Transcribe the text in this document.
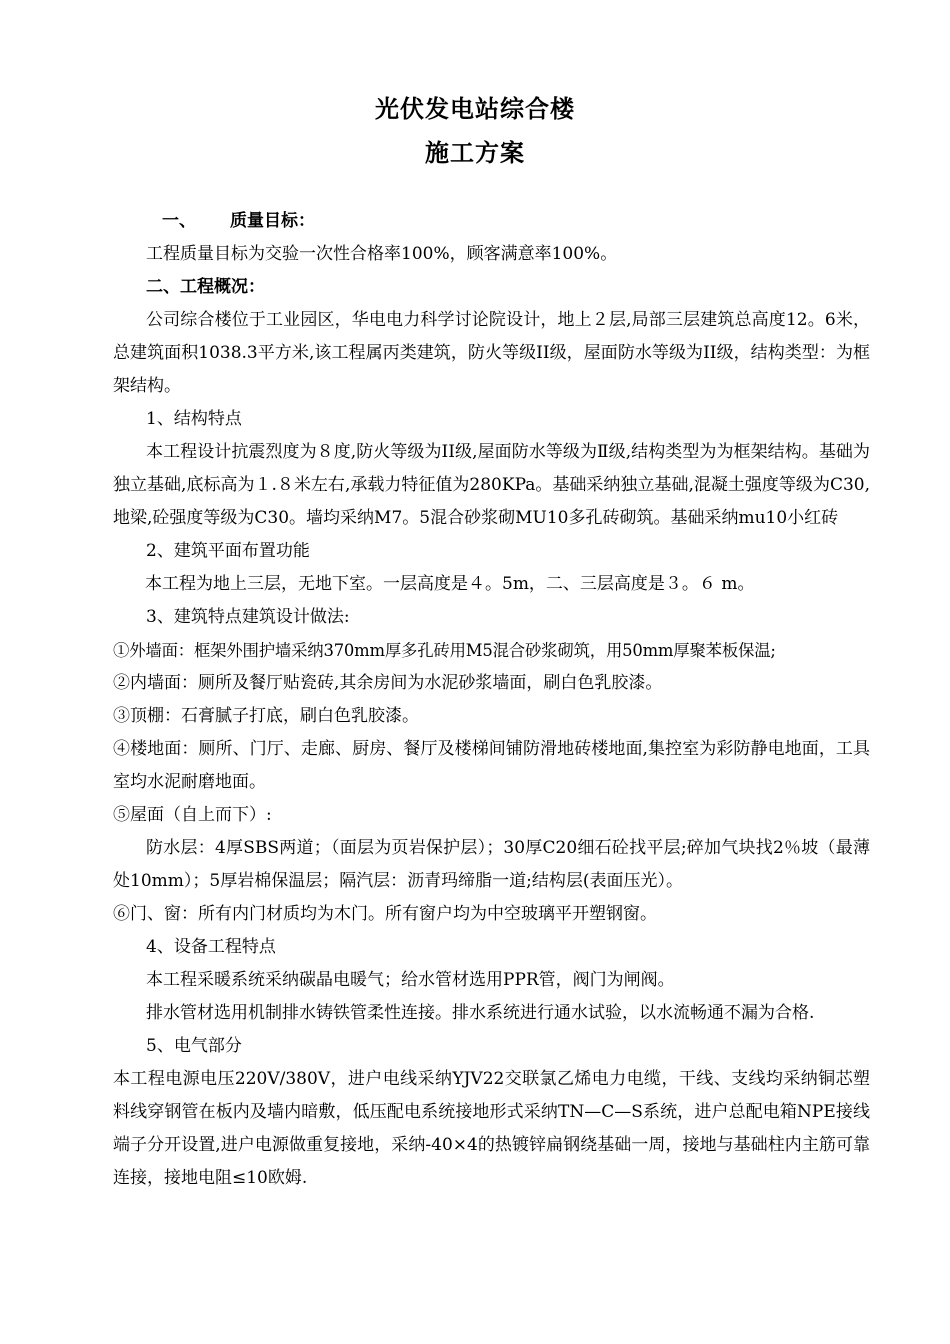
光伏发电站综合楼
施工方案

一、 质量目标：

工程质量目标为交验一次性合格率100%，顾客满意率100%。

二、工程概况：

公司综合楼位于工业园区，华电电力科学讨论院设计，地上２层,局部三层建筑总高度12。6米，总建筑面积1038.3平方米,该工程属丙类建筑，防火等级II级，屋面防水等级为II级，结构类型：为框架结构。

1、结构特点

本工程设计抗震烈度为８度,防火等级为II级,屋面防水等级为Ⅱ级,结构类型为为框架结构。基础为独立基础,底标高为１.８米左右,承载力特征值为280KPa。基础采纳独立基础,混凝土强度等级为C30,地梁,砼强度等级为C30。墙均采纳M7。5混合砂浆砌MU10多孔砖砌筑。基础采纳mu10小红砖

2、建筑平面布置功能

本工程为地上三层，无地下室。一层高度是４。5m，二、三层高度是３。６ m。

3、建筑特点建筑设计做法:

①外墙面：框架外围护墙采纳370mm厚多孔砖用M5混合砂浆砌筑，用50mm厚聚苯板保温;

②内墙面：厕所及餐厅贴瓷砖,其余房间为水泥砂浆墙面，刷白色乳胶漆。

③顶棚：石膏腻子打底，刷白色乳胶漆。

④楼地面：厕所、门厅、走廊、厨房、餐厅及楼梯间铺防滑地砖楼地面,集控室为彩防静电地面，工具室均水泥耐磨地面。

⑤屋面（自上而下）:

防水层：4厚SBS两道；（面层为页岩保护层）；30厚C20细石砼找平层;碎加气块找2％坡（最薄处10mm）；5厚岩棉保温层；隔汽层：沥青玛缔脂一道;结构层(表面压光）。

⑥门、窗：所有内门材质均为木门。所有窗户均为中空玻璃平开塑钢窗。

4、设备工程特点

本工程采暖系统采纳碳晶电暖气；给水管材选用PPR管，阀门为闸阀。

排水管材选用机制排水铸铁管柔性连接。排水系统进行通水试验，以水流畅通不漏为合格.

5、电气部分

本工程电源电压220V/380V，进户电线采纳YJV22交联氯乙烯电力电缆，干线、支线均采纳铜芯塑料线穿钢管在板内及墙内暗敷，低压配电系统接地形式采纳TN—C—S系统，进户总配电箱NPE接线端子分开设置,进户电源做重复接地，采纳-40×4的热镀锌扁钢绕基础一周，接地与基础柱内主筋可靠连接，接地电阻≤10欧姆.
